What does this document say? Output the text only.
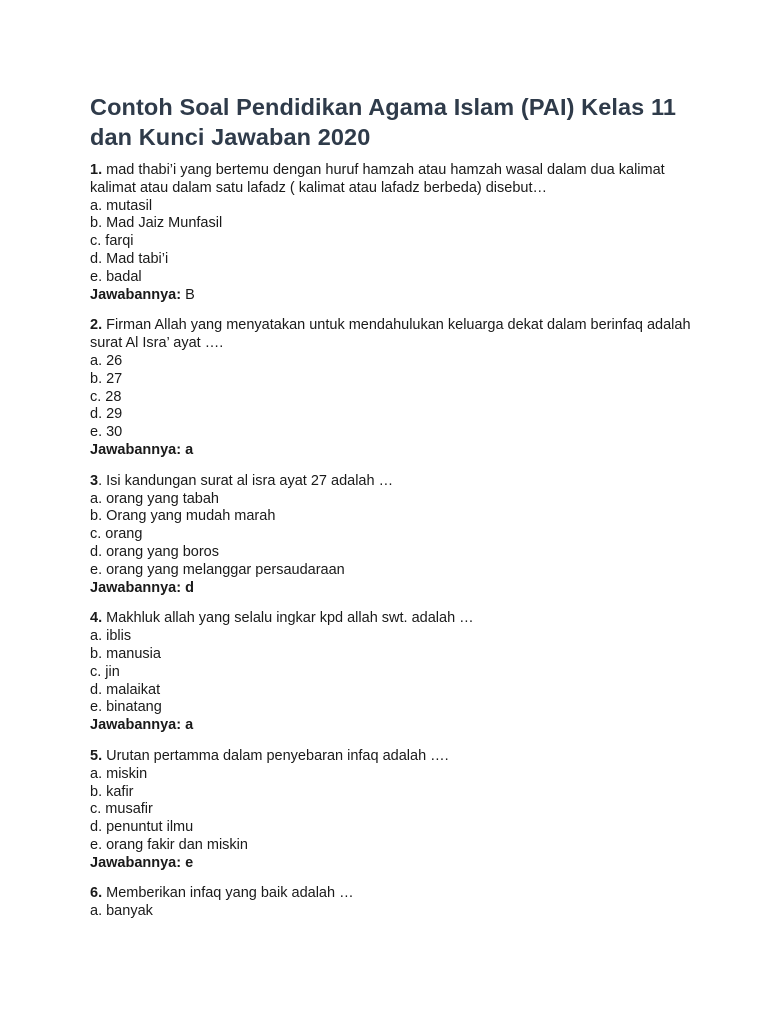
Contoh Soal Pendidikan Agama Islam (PAI) Kelas 11 dan Kunci Jawaban 2020

1. mad thabi’i yang bertemu dengan huruf hamzah atau hamzah wasal dalam dua kalimat kalimat atau dalam satu lafadz ( kalimat atau lafadz berbeda) disebut…

a. mutasil

b. Mad Jaiz Munfasil

c. farqi

d. Mad tabi’i

e. badal

Jawabannya: B

2. Firman Allah yang menyatakan untuk mendahulukan keluarga dekat dalam berinfaq adalah surat Al Isra’ ayat ….

a. 26

b. 27

c. 28

d. 29

e. 30

Jawabannya: a

3. Isi kandungan surat al isra ayat 27 adalah …

a. orang yang tabah

b. Orang yang mudah marah

c. orang

d. orang yang boros

e. orang yang melanggar persaudaraan

Jawabannya: d

4. Makhluk allah yang selalu ingkar kpd allah swt. adalah …

a. iblis

b. manusia

c. jin

d. malaikat

e. binatang

Jawabannya: a

5. Urutan pertamma dalam penyebaran infaq adalah ….

a. miskin

b. kafir

c. musafir

d. penuntut ilmu

e. orang fakir dan miskin

Jawabannya: e

6. Memberikan infaq yang baik adalah …

a. banyak
